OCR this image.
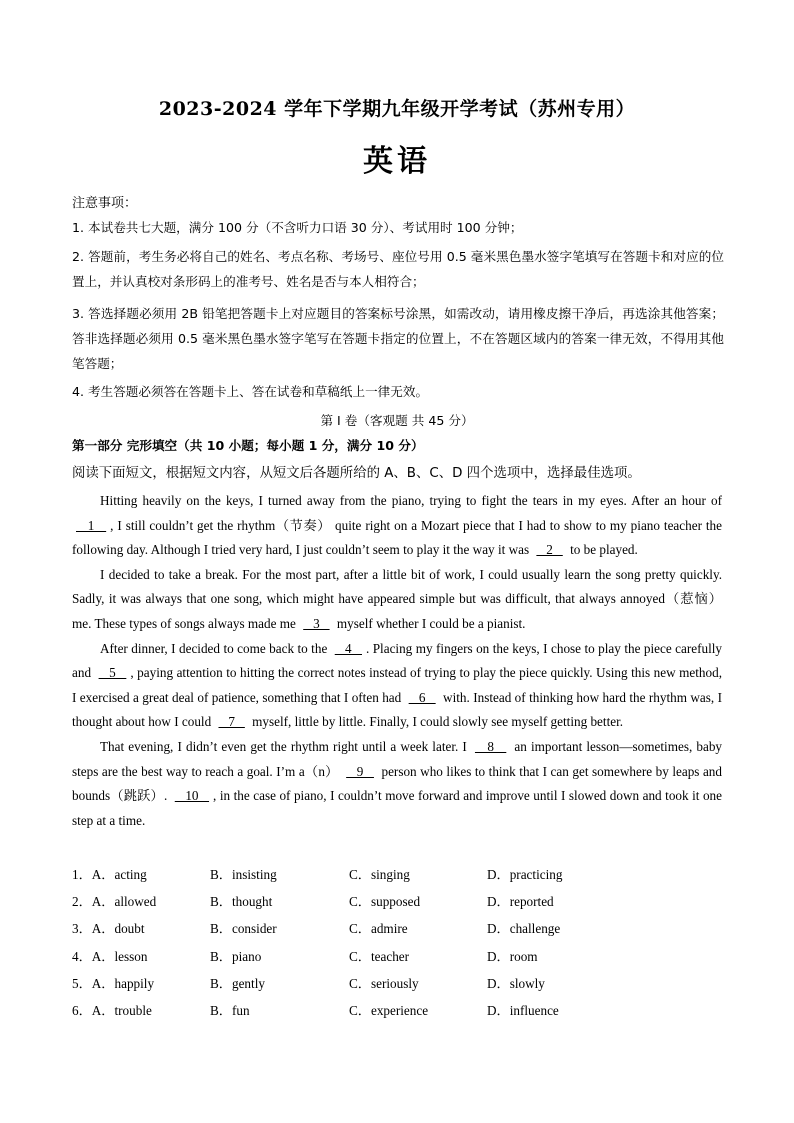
2023-2024 学年下学期九年级开学考试（苏州专用）
英语
注意事项：
1. 本试卷共七大题，满分 100 分（不含听力口语 30 分）、考试用时 100 分钟；
2. 答题前，考生务必将自己的姓名、考点名称、考场号、座位号用 0.5 毫米黑色墨水签字笔填写在答题卡和对应的位置上，并认真校对条形码上的准考号、姓名是否与本人相符合；
3. 答选择题必须用 2B 铅笔把答题卡上对应题目的答案标号涂黑，如需改动，请用橡皮擦干净后，再选涂其他答案；答非选择题必须用 0.5 毫米黑色墨水签字笔写在答题卡指定的位置上，不在答题区域内的答案一律无效，不得用其他笔答题；
4. 考生答题必须答在答题卡上、答在试卷和草稿纸上一律无效。
第 I 卷（客观题 共 45 分）
第一部分 完形填空（共 10 小题；每小题 1 分，满分 10 分）
阅读下面短文，根据短文内容，从短文后各题所给的 A、B、C、D 四个选项中，选择最佳选项。

Hitting heavily on the keys, I turned away from the piano, trying to fight the tears in my eyes. After an hour of    1   , I still couldn’t get the rhythm（节奏） quite right on a Mozart piece that I had to show to my piano teacher the following day. Although I tried very hard, I just couldn’t seem to play it the way it was    2    to be played.

I decided to take a break. For the most part, after a little bit of work, I could usually learn the song pretty quickly. Sadly, it was always that one song, which might have appeared simple but was difficult, that always annoyed（惹恼） me. These types of songs always made me    3    myself whether I could be a pianist.

After dinner, I decided to come back to the    4   . Placing my fingers on the keys, I chose to play the piece carefully and    5   , paying attention to hitting the correct notes instead of trying to play the piece quickly. Using this new method, I exercised a great deal of patience, something that I often had    6    with. Instead of thinking how hard the rhythm was, I thought about how I could    7    myself, little by little. Finally, I could slowly see myself getting better.

That evening, I didn’t even get the rhythm right until a week later. I    8    an important lesson—sometimes, baby steps are the best way to reach a goal. I’m a（n）    9    person who likes to think that I can get somewhere by leaps and bounds（跳跃）.    10   , in the case of piano, I couldn’t move forward and improve until I slowed down and took it one step at a time.

1．A．acting	B．insisting	C．singing	D．practicing
2．A．allowed	B．thought	C．supposed	D．reported
3．A．doubt	B．consider	C．admire	D．challenge
4．A．lesson	B．piano	C．teacher	D．room
5．A．happily	B．gently	C．seriously	D．slowly
6．A．trouble	B．fun	C．experience	D．influence
